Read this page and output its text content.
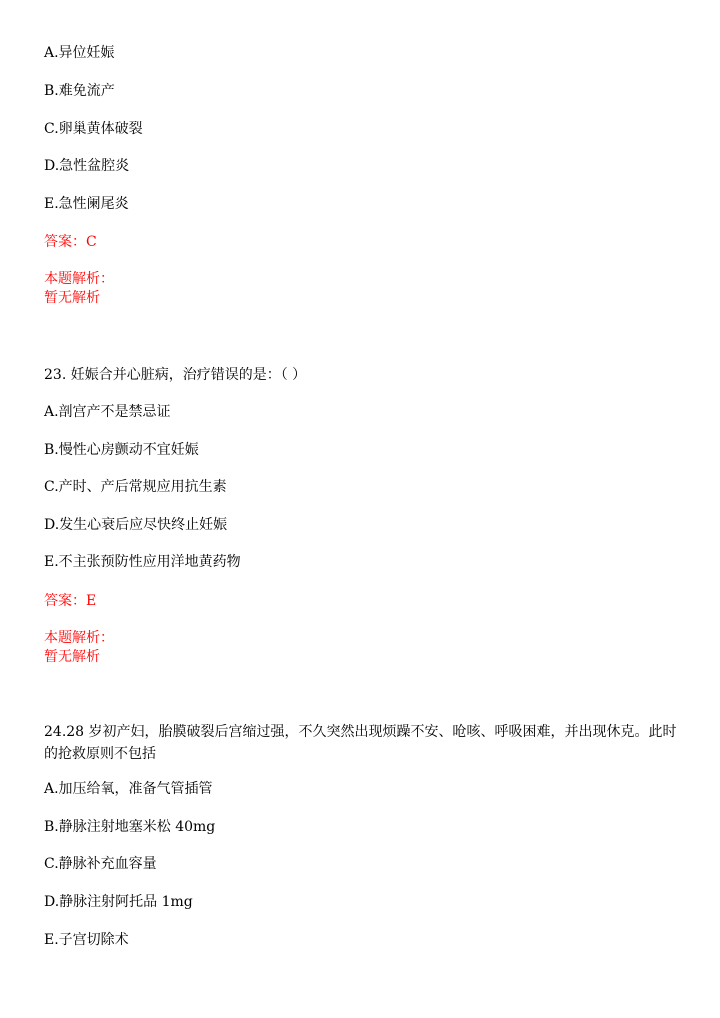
A.异位妊娠
B.难免流产
C.卵巢黄体破裂
D.急性盆腔炎
E.急性阑尾炎
答案：C
本题解析：
暂无解析
23. 妊娠合并心脏病，治疗错误的是：（ ）
A.剖宫产不是禁忌证
B.慢性心房颤动不宜妊娠
C.产时、产后常规应用抗生素
D.发生心衰后应尽快终止妊娠
E.不主张预防性应用洋地黄药物
答案：E
本题解析：
暂无解析
24.28 岁初产妇，胎膜破裂后宫缩过强，不久突然出现烦躁不安、呛咳、呼吸困难，并出现休克。此时的抢救原则不包括
A.加压给氧，准备气管插管
B.静脉注射地塞米松 40mg
C.静脉补充血容量
D.静脉注射阿托品 1mg
E.子宫切除术
